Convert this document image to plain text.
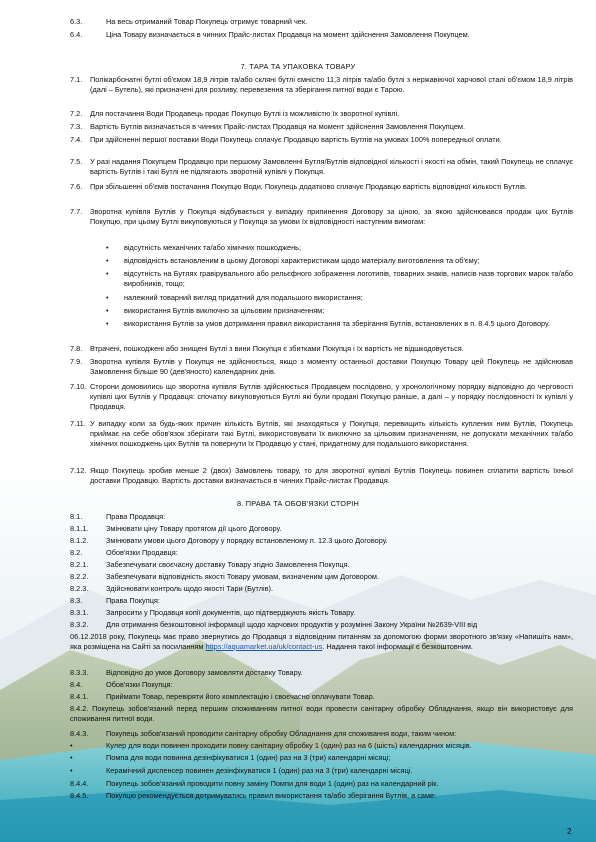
6.3.	На весь отриманий Товар Покупець отримує товарний чек.
6.4.	Ціна Товару визначається в чинних Прайс-листах Продавця на момент здійснення Замовлення Покупцем.
7. ТАРА ТА УПАКОВКА ТОВАРУ
7.1. Полікарбонатні бутлі об'ємом 18,9 літрів та/або скляні бутлі ємністю 11,3 літрів та/або бутлі з нержавіючої харчової сталі об'ємом 18,9 літрів (далі – Бутель), які призначені для розливу, перевезення та зберігання питної води є Тарою.
7.2. Для постачання Води Продавець продає Покупцю Бутлі із можливістю їх зворотної купівлі.
7.3. Вартість Бутлів визначається в чинних Прайс-листах Продавця на момент здійснення Замовлення Покупцем.
7.4. При здійсненні першої поставки Води Покупець сплачує Продавцю вартість Бутлів на умовах 100% попередньої оплати.
7.5. У разі надання Покупцем Продавцю при першому Замовленні Бутля/Бутлів відповідної кількості і якості на обмін, такий Покупець не сплачує вартість Бутлів і такі Бутлі не підлягають зворотній купівлі у Покупця.
7.6. При збільшенні об'ємів постачання Покупцю Води, Покупець додатково сплачує Продавцю вартість відповідної кількості Бутлів.
7.7. Зворотна купівля Бутлів у Покупця відбувається у випадку припинення Договору за ціною, за якою здійснювався продаж цих Бутлів Покупцю, при цьому Бутлі викуповуються у Покупця за умови їх відповідності наступним вимогам:
• відсутність механічних та/або хімічних пошкоджень;
• відповідність встановленим в цьому Договорі характеристикам щодо матеріалу виготовлення та об'єму;
• відсутність на Бутлях гравірувального або рельєфного зображення логотипів, товарних знаків, написів назв торгових марок та/або виробників, тощо;
• належний товарний вигляд придатний для подальшого використання;
• використання Бутлів виключно за цільовим призначенням;
• використання Бутлів за умов дотримання правил використання та зберігання Бутлів, встановлених в п. 8.4.5 цього Договору.
7.8. Втрачені, пошкоджені або знищені Бутлі з вини Покупця є збитками Покупця і їх вартість не відшкодовується.
7.9. Зворотна купівля Бутлів у Покупця не здійснюється, якщо з моменту останньої доставки Покупцю Товару цей Покупець не здійснював Замовлення більше 90 (дев'яносто) календарних днів.
7.10. Сторони домовились що зворотна купівля Бутлів здійснюється Продавцем послідовно, у хронологічному порядку відповідно до черговості купівлі цих Бутлів у Продавця: спочатку викуповуються Бутлі які були продані Покупцю раніше, а далі – у порядку послідовності їх купівлі у Продавця.
7.11. У випадку коли за будь-яких причин кількість Бутлів, які знаходяться у Покупця, перевищить кількість куплених ним Бутлів, Покупець приймає на себе обов'язок зберігати такі Бутлі, використовувати їх виключно за цільовим призначенням, не допускати механічних та/або хімічних пошкоджень цих Бутлів та повернути їх Продавцю у стані, придатному для подальшого використання.
7.12. Якщо Покупець зробив менше 2 (двох) Замовлень товару, то для зворотної купівлі Бутлів Покупець повинен сплатити вартість їхньої доставки Продавцю. Вартість доставки визначається в чинних Прайс-листах Продавця.
8. ПРАВА ТА ОБОВ'ЯЗКИ СТОРІН
8.1.	Права Продавця:
8.1.1. Змінювати ціну Товару протягом дії цього Договору.
8.1.2. Змінювати умови цього Договору у порядку встановленому п. 12.3 цього Договору.
8.2.	Обов'язки Продавця:
8.2.1. Забезпечувати своєчасну доставку Товару згідно Замовлення Покупця.
8.2.2. Забезпечувати відповідність якості Товару умовам, визначеним цим Договором.
8.2.3. Здійснювати контроль щодо якості Тари (Бутлів).
8.3.	Права Покупця:
8.3.1. Запросити у Продавця копії документів, що підтверджують якість Товару.
8.3.2. Для отримання безкоштовної інформації щодо харчових продуктів у розумінні Закону України №2639-VIII від
06.12.2018 року, Покупець має право звернутись до Продавця з відповідним питанням за допомогою форми зворотного зв'язку «Напишіть нам», яка розміщена на Сайті за посиланням https://aquamarket.ua/uk/contact-us. Надання такої інформації є безкоштовним.
8.3.3. Відповідно до умов Договору замовляти доставку Товару.
8.4.	Обов'язки Покупця:
8.4.1. Приймати Товар, перевіряти його комплектацію і своєчасно оплачувати Товар.
8.4.2. Покупець зобов'язаний перед першим споживанням питної води провести санітарну обробку Обладнання, якщо він використовує для споживання питної води.
8.4.3. Покупець зобов'язаний проводити санітарну обробку Обладнання для споживання води, таким чином:
•	Кулер для води повинен проходити повну санітарну обробку 1 (один) раз на 6 (шість) календарних місяців.
•	Помпа для води повинна дезінфікуватися 1 (один) раз на 3 (три) календарні місяці;
•	Керамічний диспенсер повинен дезінфікуватися 1 (один) раз на 3 (три) календарні місяці.
8.4.4. Покупець зобов'язаний проводити повну заміну Помпи для води 1 (один) раз на календарний рік.
8.4.5. Покупцю рекомендується дотримуватись правил використання та/або зберігання Бутлів, а саме:
2
